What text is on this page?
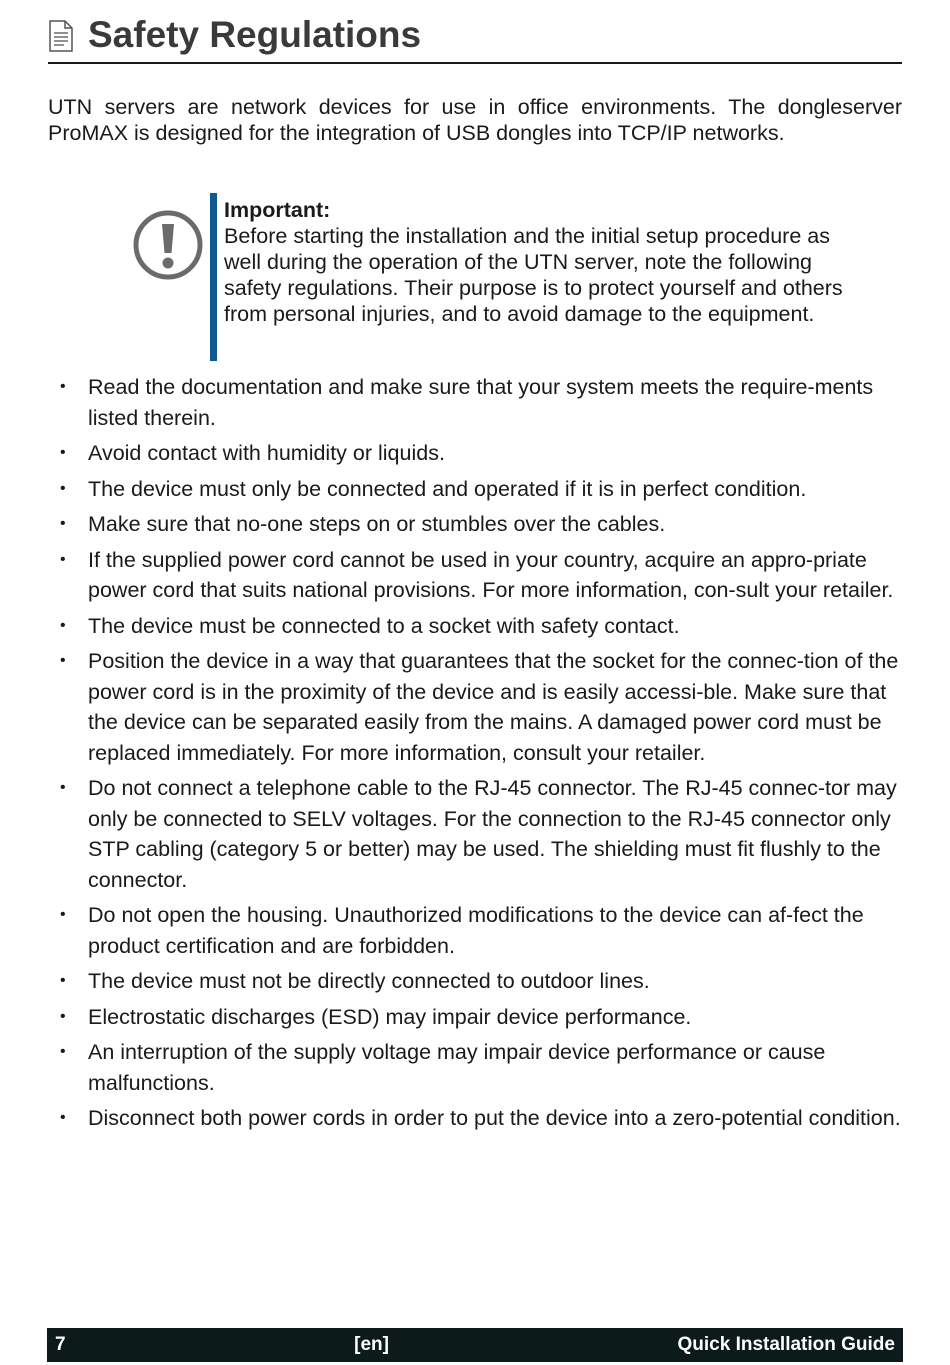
Safety Regulations

UTN servers are network devices for use in office environments. The dongleserver ProMAX is designed for the integration of USB dongles into TCP/IP networks.

Important:
Before starting the installation and the initial setup procedure as well during the operation of the UTN server, note the following safety regulations. Their purpose is to protect yourself and others from personal injuries, and to avoid damage to the equipment.
• Read the documentation and make sure that your system meets the require-ments listed therein.
• Avoid contact with humidity or liquids.
• The device must only be connected and operated if it is in perfect condition.
• Make sure that no-one steps on or stumbles over the cables.
• If the supplied power cord cannot be used in your country, acquire an appro-priate power cord that suits national provisions. For more information, con-sult your retailer.
• The device must be connected to a socket with safety contact.
• Position the device in a way that guarantees that the socket for the connec-tion of the power cord is in the proximity of the device and is easily accessi-ble. Make sure that the device can be separated easily from the mains. A damaged power cord must be replaced immediately. For more information, consult your retailer.
• Do not connect a telephone cable to the RJ-45 connector. The RJ-45 connec-tor may only be connected to SELV voltages. For the connection to the RJ-45 connector only STP cabling (category 5 or better) may be used. The shielding must fit flushly to the connector.
• Do not open the housing. Unauthorized modifications to the device can af-fect the product certification and are forbidden.
• The device must not be directly connected to outdoor lines.
• Electrostatic discharges (ESD) may impair device performance.
• An interruption of the supply voltage may impair device performance or cause malfunctions.
• Disconnect both power cords in order to put the device into a zero-potential condition.
7	[en]	Quick Installation Guide
